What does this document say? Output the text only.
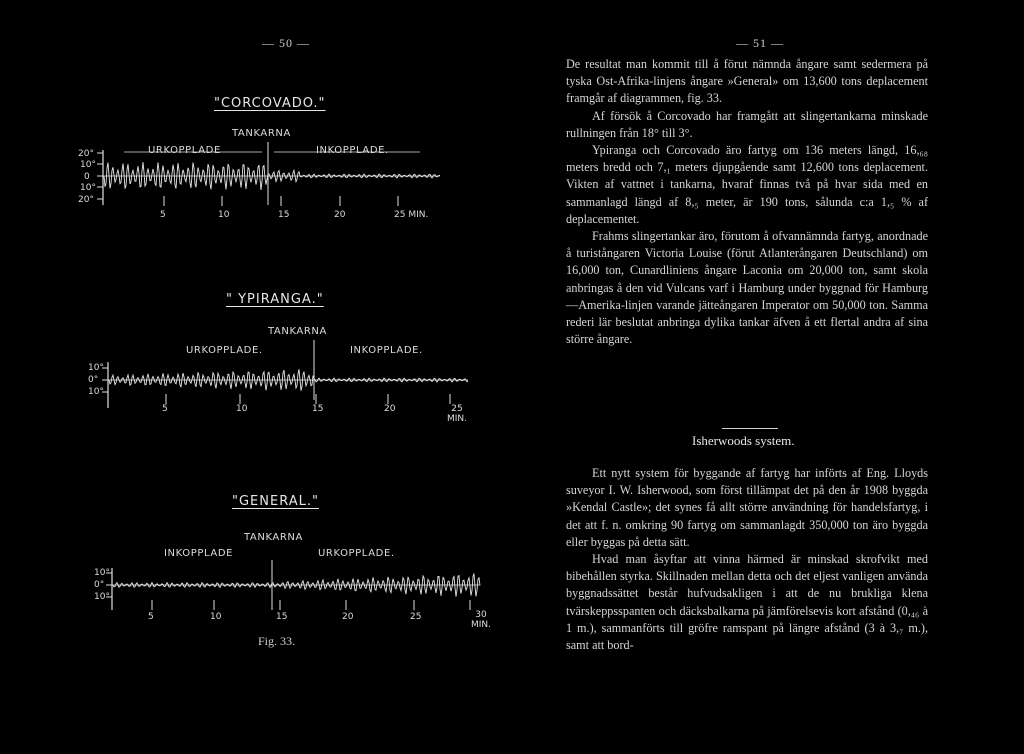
— 50 —
"CORCOVADO."
TANKARNA
URKOPPLADE	INKOPPLADE.
20°
10°
0
10°
20°
5	10	15	20	25 MIN.
" YPIRANGA."
TANKARNA
URKOPPLADE.	INKOPPLADE.
10°
0°
10°
5	10	15	20	25 MIN.
"GENERAL."
TANKARNA
INKOPPLADE	URKOPPLADE.
10°
0°
10°
5	10	15	20	25	30 MIN.
Fig. 33.
— 51 —

De resultat man kommit till å förut nämnda ångare samt sedermera på tyska Ost-Afrika-linjens ångare »General» om 13,600 tons deplacement framgår af diagrammen, fig. 33.

Af försök å Corcovado har framgått att slingertankarna minskade rullningen från 18° till 3°.

Ypiranga och Corcovado äro fartyg om 136 meters längd, 16,₆₈ meters bredd och 7,₁ meters djupgående samt 12,600 tons deplacement. Vikten af vattnet i tankarna, hvaraf finnas två på hvar sida med en sammanlagd längd af 8,₅ meter, är 190 tons, sålunda c:a 1,₅ % af deplacementet.

Frahms slingertankar äro, förutom å ofvannämnda fartyg, anordnade å turistångaren Victoria Louise (förut Atlanterångaren Deutschland) om 16,000 ton, Cunardliniens ångare Laconia om 20,000 ton, samt skola anbringas å den vid Vulcans varf i Hamburg under byggnad för Hamburg—Amerika-linjen varande jätteångaren Imperator om 50,000 ton. Samma rederi lär beslutat anbringa dylika tankar äfven å ett flertal andra af sina större ångare.

Isherwoods system.

Ett nytt system för byggande af fartyg har införts af Eng. Lloyds suveyor I. W. Isherwood, som först tillämpat det på den år 1908 byggda »Kendal Castle»; det synes få allt större användning för handelsfartyg, i det att f. n. omkring 90 fartyg om sammanlagdt 350,000 ton äro byggda eller byggas på detta sätt.

Hvad man åsyftar att vinna härmed är minskad skrofvikt med bibehållen styrka. Skillnaden mellan detta och det eljest vanligen använda byggnadssättet består hufvudsakligen i att de nu brukliga klena tvärskeppsspanten och däcksbalkarna på jämförelsevis kort afstånd (0,₄₆ à 1 m.), sammanförts till gröfre ramspant på längre afstånd (3 à 3,₇ m.), samt att bord-
